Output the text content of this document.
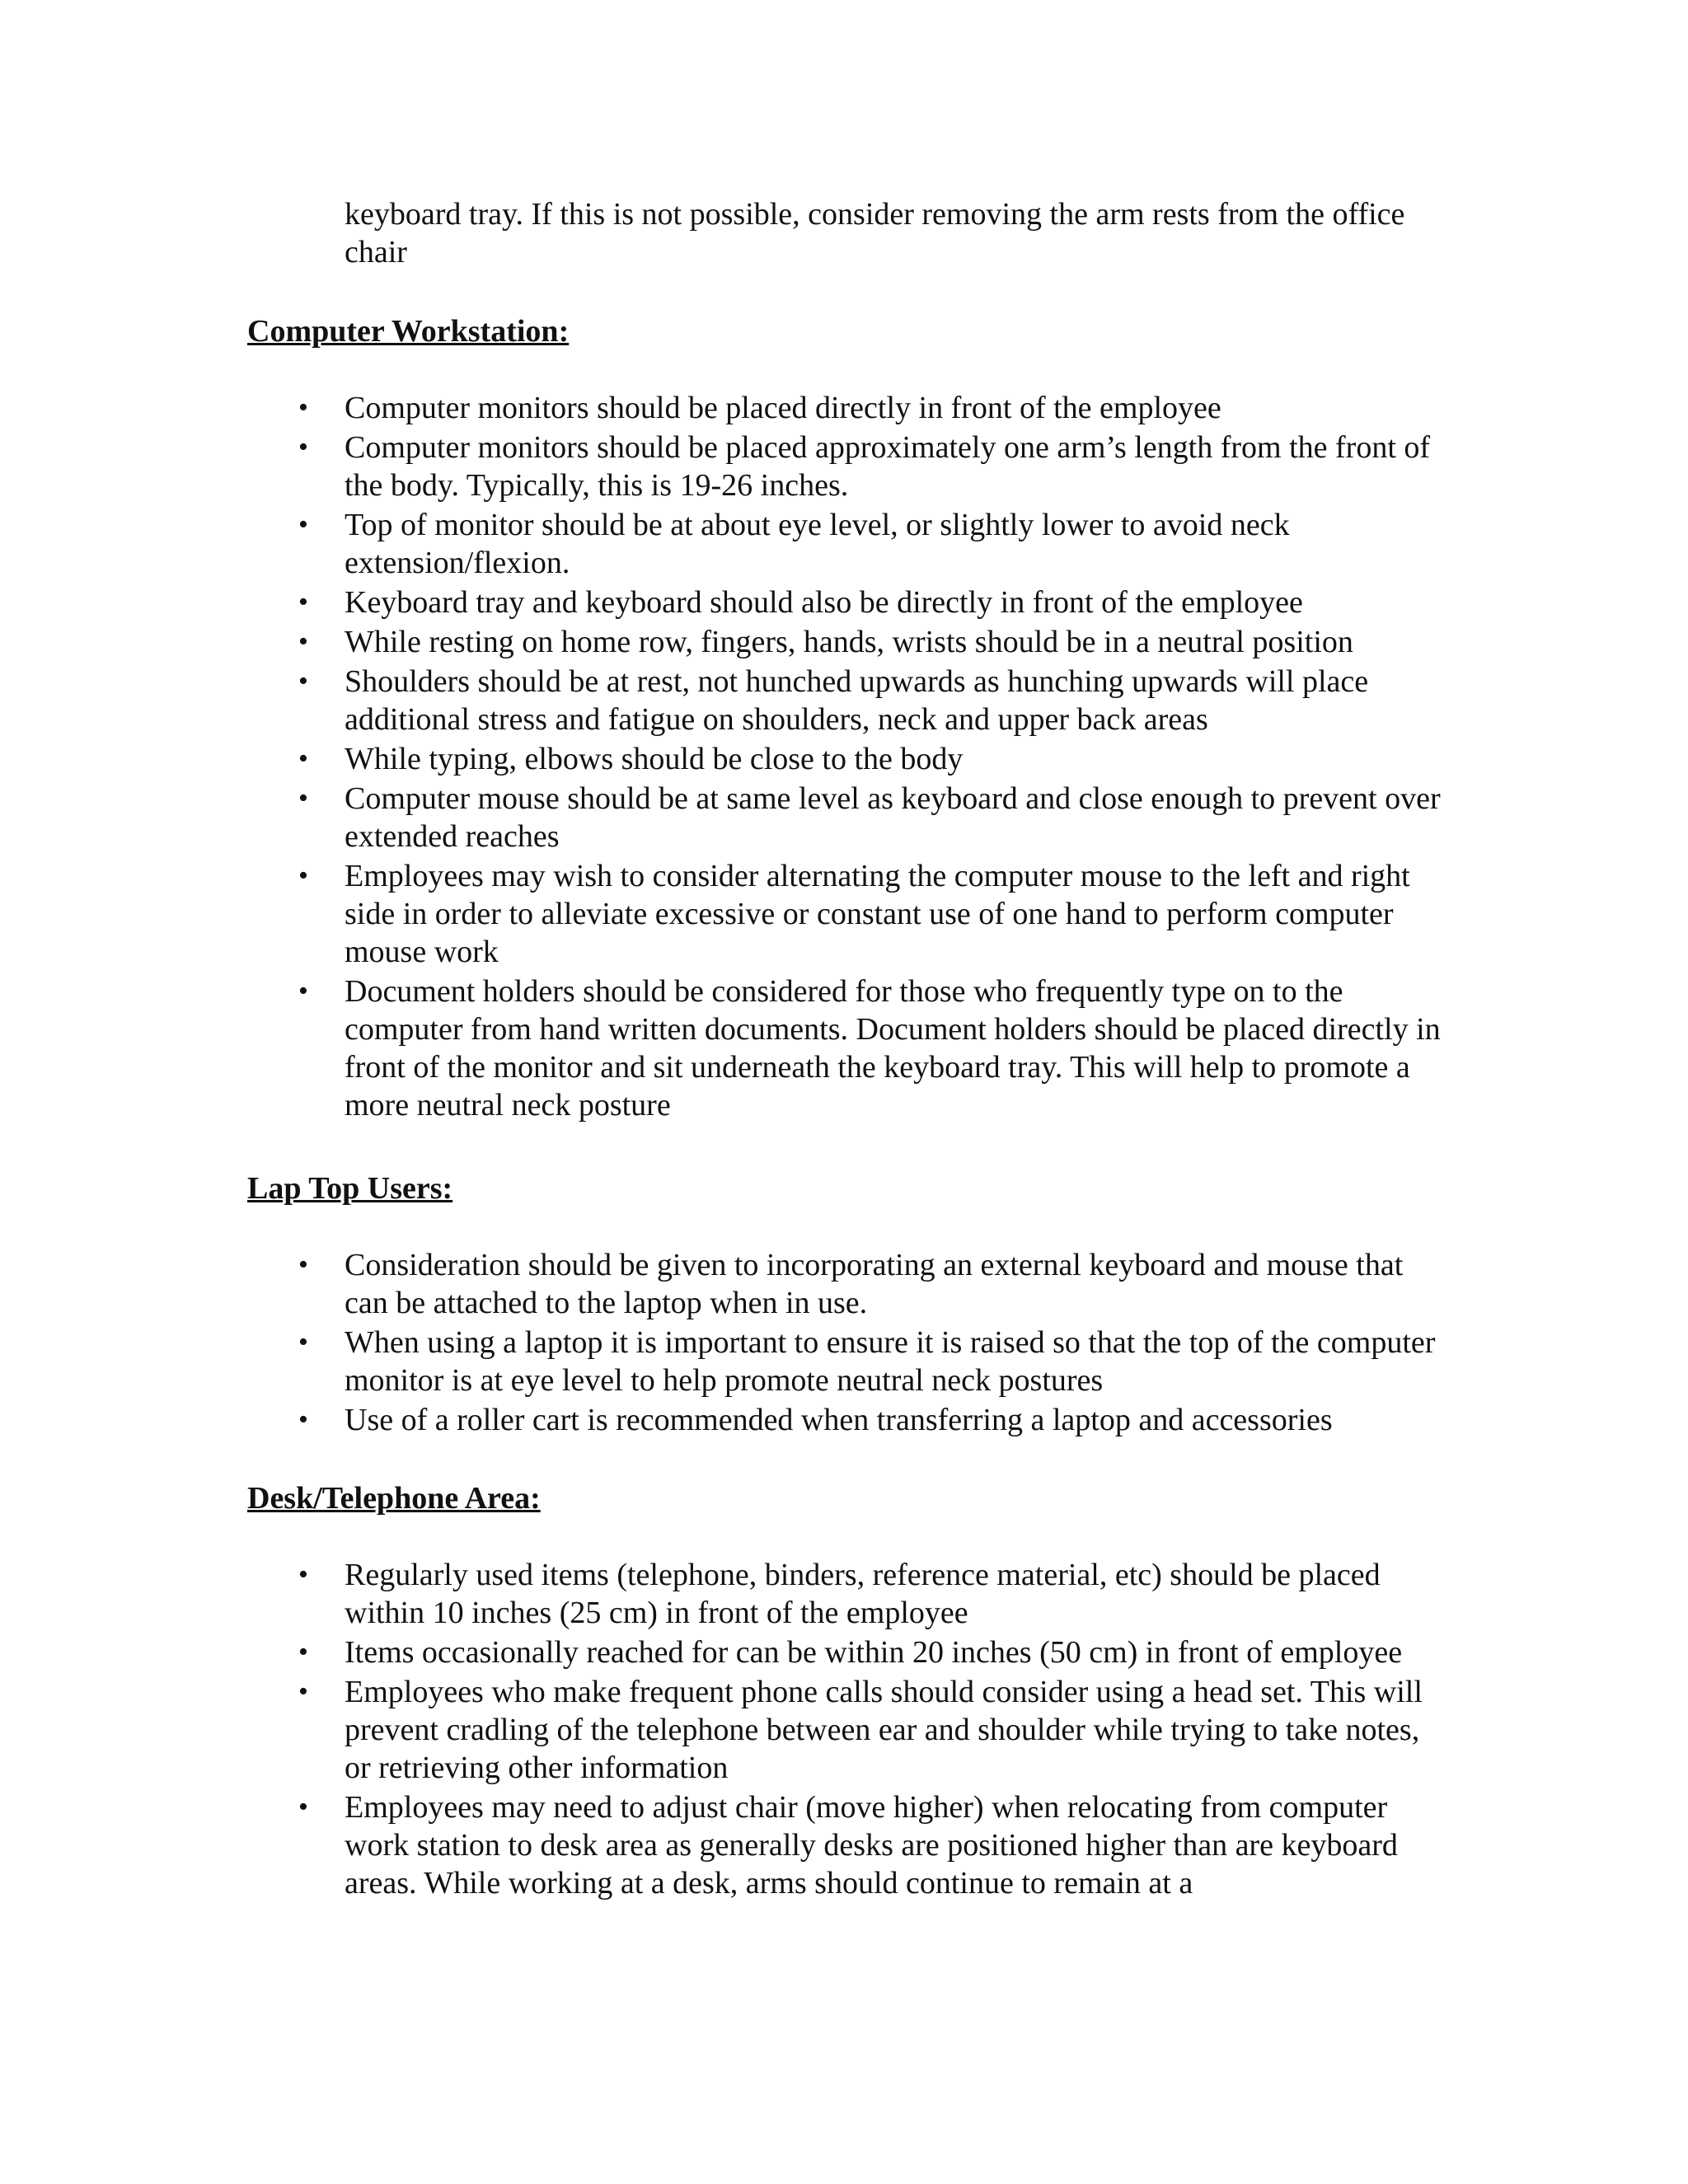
keyboard tray. If this is not possible, consider removing the arm rests from the office chair

Computer Workstation:
• Computer monitors should be placed directly in front of the employee
• Computer monitors should be placed approximately one arm’s length from the front of the body. Typically, this is 19-26 inches.
• Top of monitor should be at about eye level, or slightly lower to avoid neck extension/flexion.
• Keyboard tray and keyboard should also be directly in front of the employee
• While resting on home row, fingers, hands, wrists should be in a neutral position
• Shoulders should be at rest, not hunched upwards as hunching upwards will place additional stress and fatigue on shoulders, neck and upper back areas
• While typing, elbows should be close to the body
• Computer mouse should be at same level as keyboard and close enough to prevent over extended reaches
• Employees may wish to consider alternating the computer mouse to the left and right side in order to alleviate excessive or constant use of one hand to perform computer mouse work
• Document holders should be considered for those who frequently type on to the computer from hand written documents. Document holders should be placed directly in front of the monitor and sit underneath the keyboard tray. This will help to promote a more neutral neck posture
Lap Top Users:
• Consideration should be given to incorporating an external keyboard and mouse that can be attached to the laptop when in use.
• When using a laptop it is important to ensure it is raised so that the top of the computer monitor is at eye level to help promote neutral neck postures
• Use of a roller cart is recommended when transferring a laptop and accessories
Desk/Telephone Area:
• Regularly used items (telephone, binders, reference material, etc) should be placed within 10 inches (25 cm) in front of the employee
• Items occasionally reached for can be within 20 inches (50 cm) in front of employee
• Employees who make frequent phone calls should consider using a head set. This will prevent cradling of the telephone between ear and shoulder while trying to take notes, or retrieving other information
• Employees may need to adjust chair (move higher) when relocating from computer work station to desk area as generally desks are positioned higher than are keyboard areas. While working at a desk, arms should continue to remain at a
